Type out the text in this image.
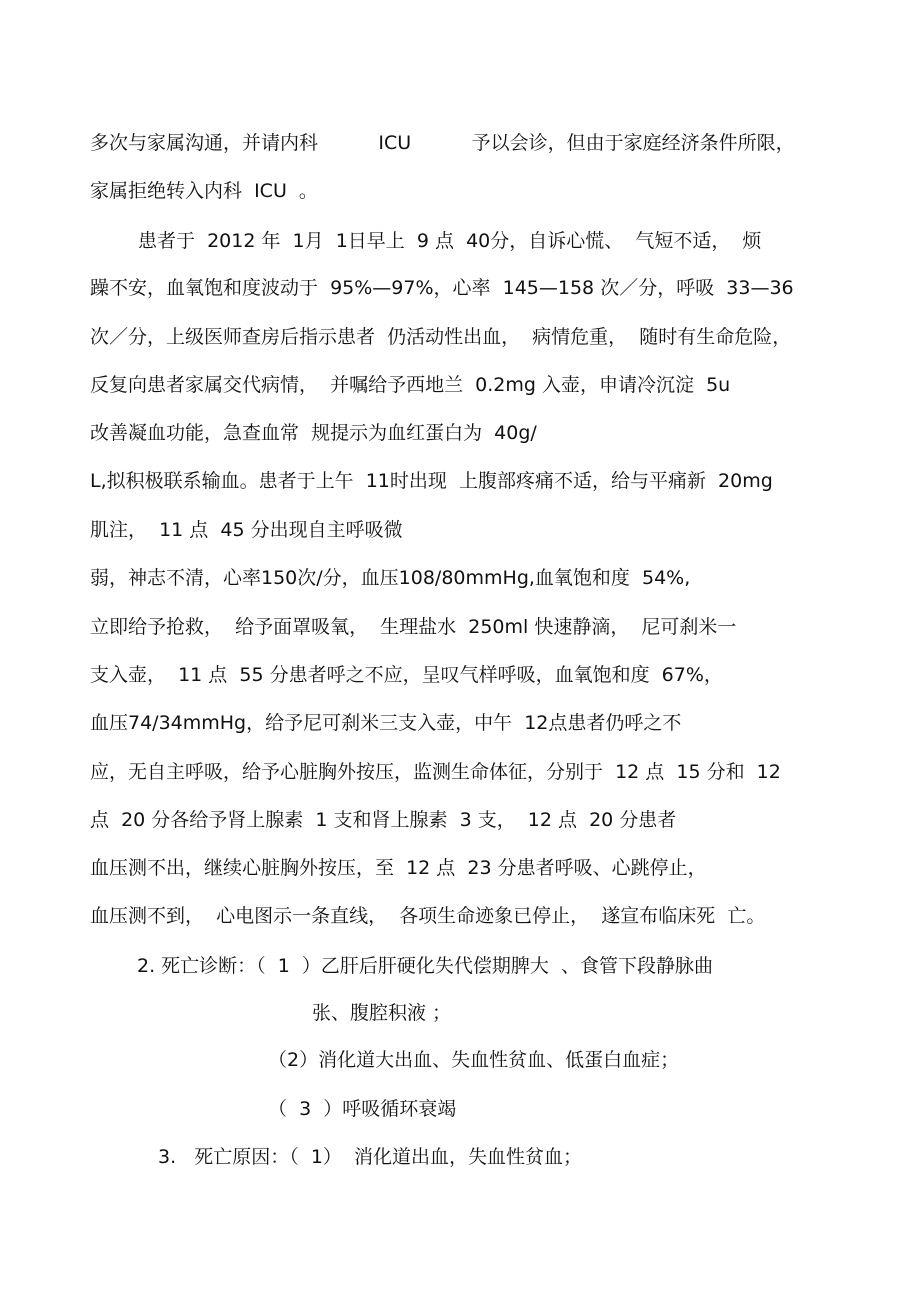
多次与家属沟通，并请内科          ICU          予以会诊，但由于家庭经济条件所限，
家属拒绝转入内科  ICU  。
患者于  2012 年  1月  1日早上  9 点  40分，自诉心慌、  气短不适，  烦
躁不安，血氧饱和度波动于  95%—97%，心率  145—158 次／分，呼吸  33—36
次／分，上级医师查房后指示患者  仍活动性出血，  病情危重，  随时有生命危险，
反复向患者家属交代病情，  并嘱给予西地兰  0.2mg 入壶，申请冷沉淀  5u
改善凝血功能，急查血常  规提示为血红蛋白为  40g/
L,拟积极联系输血。患者于上午  11时出现  上腹部疼痛不适，给与平痛新  20mg
肌注，  11 点  45 分出现自主呼吸微
弱，神志不清，心率150次/分，血压108/80mmHg,血氧饱和度  54%,
立即给予抢救，  给予面罩吸氧，  生理盐水  250ml 快速静滴，  尼可刹米一
支入壶，  11 点  55 分患者呼之不应，呈叹气样呼吸，血氧饱和度  67%，
血压74/34mmHg，给予尼可刹米三支入壶，中午  12点患者仍呼之不
应，无自主呼吸，给予心脏胸外按压，监测生命体征，分别于  12 点  15 分和  12
点  20 分各给予肾上腺素  1 支和肾上腺素  3 支，  12 点  20 分患者
血压测不出，继续心脏胸外按压，至  12 点  23 分患者呼吸、心跳停止，
血压测不到，  心电图示一条直线，  各项生命迹象已停止，  遂宣布临床死  亡。
2. 死亡诊断：（  1  ）乙肝后肝硬化失代偿期脾大  、食管下段静脉曲
张、腹腔积液 ；
（2）消化道大出血、失血性贫血、低蛋白血症；
（  3  ）呼吸循环衰竭
3.   死亡原因：（  1）  消化道出血，失血性贫血；
